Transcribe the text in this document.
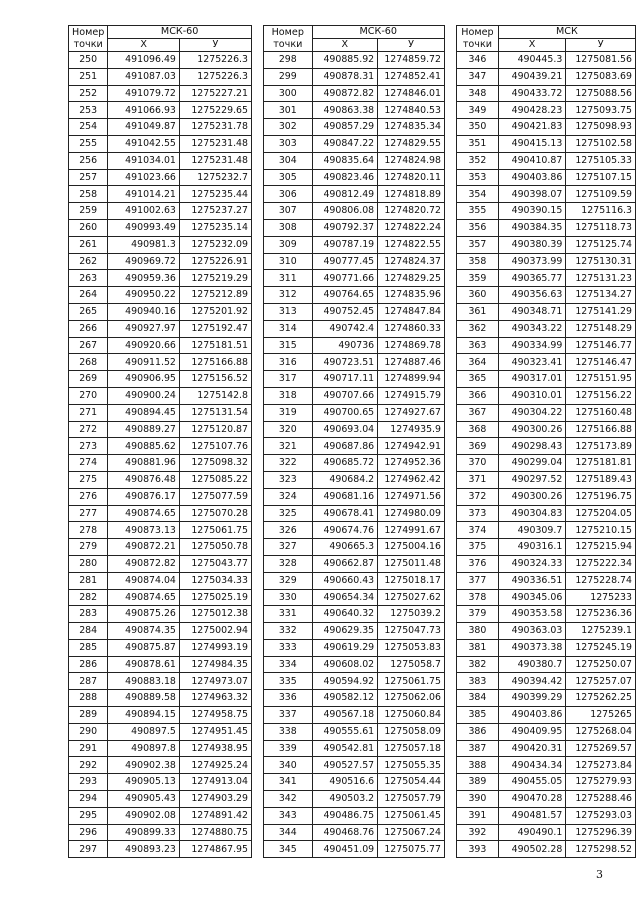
Номер
точки	МСК-60	
	X	У
250	491096.49	1275226.3
251	491087.03	1275226.3
252	491079.72	1275227.21
253	491066.93	1275229.65
254	491049.87	1275231.78
255	491042.55	1275231.48
256	491034.01	1275231.48
257	491023.66	1275232.7
258	491014.21	1275235.44
259	491002.63	1275237.27
260	490993.49	1275235.14
261	490981.3	1275232.09
262	490969.72	1275226.91
263	490959.36	1275219.29
264	490950.22	1275212.89
265	490940.16	1275201.92
266	490927.97	1275192.47
267	490920.66	1275181.51
268	490911.52	1275166.88
269	490906.95	1275156.52
270	490900.24	1275142.8
271	490894.45	1275131.54
272	490889.27	1275120.87
273	490885.62	1275107.76
274	490881.96	1275098.32
275	490876.48	1275085.22
276	490876.17	1275077.59
277	490874.65	1275070.28
278	490873.13	1275061.75
279	490872.21	1275050.78
280	490872.82	1275043.77
281	490874.04	1275034.33
282	490874.65	1275025.19
283	490875.26	1275012.38
284	490874.35	1275002.94
285	490875.87	1274993.19
286	490878.61	1274984.35
287	490883.18	1274973.07
288	490889.58	1274963.32
289	490894.15	1274958.75
290	490897.5	1274951.45
291	490897.8	1274938.95
292	490902.38	1274925.24
293	490905.13	1274913.04
294	490905.43	1274903.29
295	490902.08	1274891.42
296	490899.33	1274880.75
297	490893.23	1274867.95
Номер
точки	МСК-60	
	X	У
298	490885.92	1274859.72
299	490878.31	1274852.41
300	490872.82	1274846.01
301	490863.38	1274840.53
302	490857.29	1274835.34
303	490847.22	1274829.55
304	490835.64	1274824.98
305	490823.46	1274820.11
306	490812.49	1274818.89
307	490806.08	1274820.72
308	490792.37	1274822.24
309	490787.19	1274822.55
310	490777.45	1274824.37
311	490771.66	1274829.25
312	490764.65	1274835.96
313	490752.45	1274847.84
314	490742.4	1274860.33
315	490736	1274869.78
316	490723.51	1274887.46
317	490717.11	1274899.94
318	490707.66	1274915.79
319	490700.65	1274927.67
320	490693.04	1274935.9
321	490687.86	1274942.91
322	490685.72	1274952.36
323	490684.2	1274962.42
324	490681.16	1274971.56
325	490678.41	1274980.09
326	490674.76	1274991.67
327	490665.3	1275004.16
328	490662.87	1275011.48
329	490660.43	1275018.17
330	490654.34	1275027.62
331	490640.32	1275039.2
332	490629.35	1275047.73
333	490619.29	1275053.83
334	490608.02	1275058.7
335	490594.92	1275061.75
336	490582.12	1275062.06
337	490567.18	1275060.84
338	490555.61	1275058.09
339	490542.81	1275057.18
340	490527.57	1275055.35
341	490516.6	1275054.44
342	490503.2	1275057.79
343	490486.75	1275061.45
344	490468.76	1275067.24
345	490451.09	1275075.77
Номер
точки	МСК	
	X	У
346	490445.3	1275081.56
347	490439.21	1275083.69
348	490433.72	1275088.56
349	490428.23	1275093.75
350	490421.83	1275098.93
351	490415.13	1275102.58
352	490410.87	1275105.33
353	490403.86	1275107.15
354	490398.07	1275109.59
355	490390.15	1275116.3
356	490384.35	1275118.73
357	490380.39	1275125.74
358	490373.99	1275130.31
359	490365.77	1275131.23
360	490356.63	1275134.27
361	490348.71	1275141.29
362	490343.22	1275148.29
363	490334.99	1275146.77
364	490323.41	1275146.47
365	490317.01	1275151.95
366	490310.01	1275156.22
367	490304.22	1275160.48
368	490300.26	1275166.88
369	490298.43	1275173.89
370	490299.04	1275181.81
371	490297.52	1275189.43
372	490300.26	1275196.75
373	490304.83	1275204.05
374	490309.7	1275210.15
375	490316.1	1275215.94
376	490324.33	1275222.34
377	490336.51	1275228.74
378	490345.06	1275233
379	490353.58	1275236.36
380	490363.03	1275239.1
381	490373.38	1275245.19
382	490380.7	1275250.07
383	490394.42	1275257.07
384	490399.29	1275262.25
385	490403.86	1275265
386	490409.95	1275268.04
387	490420.31	1275269.57
388	490434.34	1275273.84
389	490455.05	1275279.93
390	490470.28	1275288.46
391	490481.57	1275293.03
392	490490.1	1275296.39
393	490502.28	1275298.52
3
